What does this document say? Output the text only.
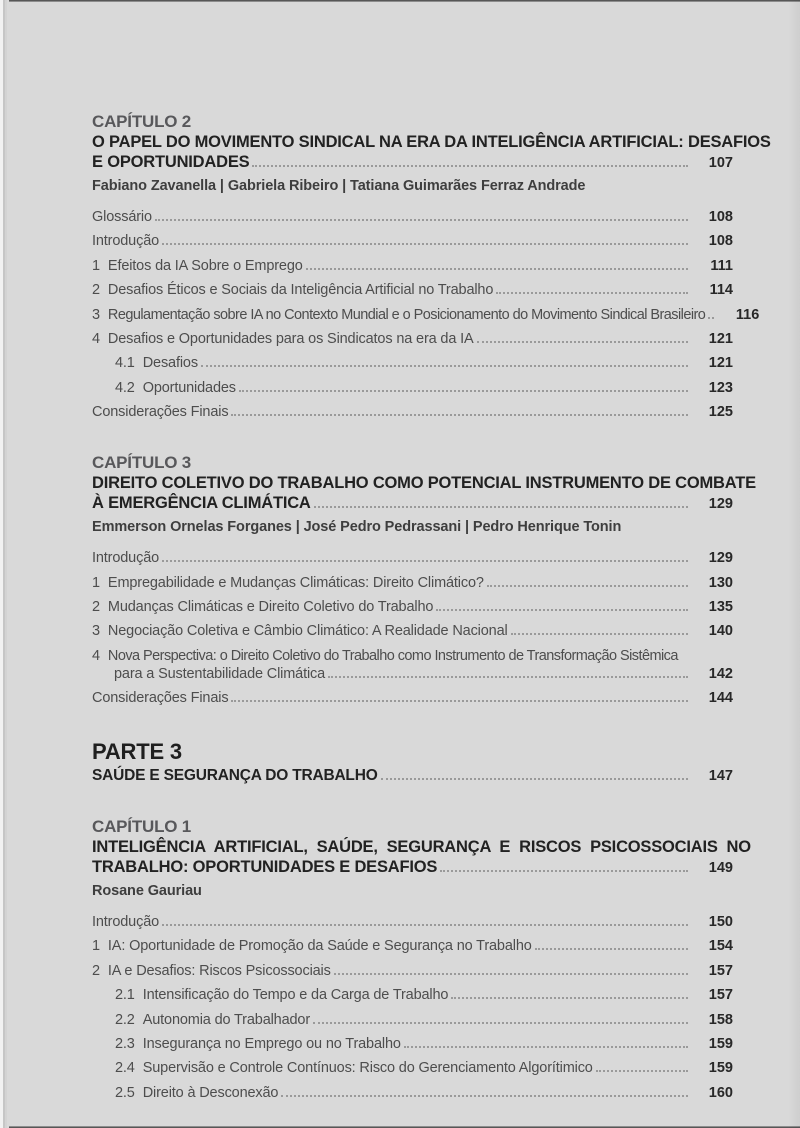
CAPÍTULO 2
O PAPEL DO MOVIMENTO SINDICAL NA ERA DA INTELIGÊNCIA ARTIFICIAL: DESAFIOS
E OPORTUNIDADES	107
Fabiano Zavanella | Gabriela Ribeiro | Tatiana Guimarães Ferraz Andrade
Glossário	108
Introdução	108
1 Efeitos da IA Sobre o Emprego	111
2 Desafios Éticos e Sociais da Inteligência Artificial no Trabalho	114
3 Regulamentação sobre IA no Contexto Mundial e o Posicionamento do Movimento Sindical Brasileiro	116
4 Desafios e Oportunidades para os Sindicatos na era da IA	121
4.1 Desafios	121
4.2 Oportunidades	123
Considerações Finais	125
CAPÍTULO 3
DIREITO COLETIVO DO TRABALHO COMO POTENCIAL INSTRUMENTO DE COMBATE
À EMERGÊNCIA CLIMÁTICA	129
Emmerson Ornelas Forganes | José Pedro Pedrassani | Pedro Henrique Tonin
Introdução	129
1 Empregabilidade e Mudanças Climáticas: Direito Climático?	130
2 Mudanças Climáticas e Direito Coletivo do Trabalho	135
3 Negociação Coletiva e Câmbio Climático: A Realidade Nacional	140
4 Nova Perspectiva: o Direito Coletivo do Trabalho como Instrumento de Transformação Sistêmica
para a Sustentabilidade Climática	142
Considerações Finais	144
PARTE 3
SAÚDE E SEGURANÇA DO TRABALHO	147
CAPÍTULO 1
INTELIGÊNCIA ARTIFICIAL, SAÚDE, SEGURANÇA E RISCOS PSICOSSOCIAIS NO
TRABALHO: OPORTUNIDADES E DESAFIOS	149
Rosane Gauriau
Introdução	150
1 IA: Oportunidade de Promoção da Saúde e Segurança no Trabalho	154
2 IA e Desafios: Riscos Psicossociais	157
2.1 Intensificação do Tempo e da Carga de Trabalho	157
2.2 Autonomia do Trabalhador	158
2.3 Insegurança no Emprego ou no Trabalho	159
2.4 Supervisão e Controle Contínuos: Risco do Gerenciamento Algorítimico	159
2.5 Direito à Desconexão	160
